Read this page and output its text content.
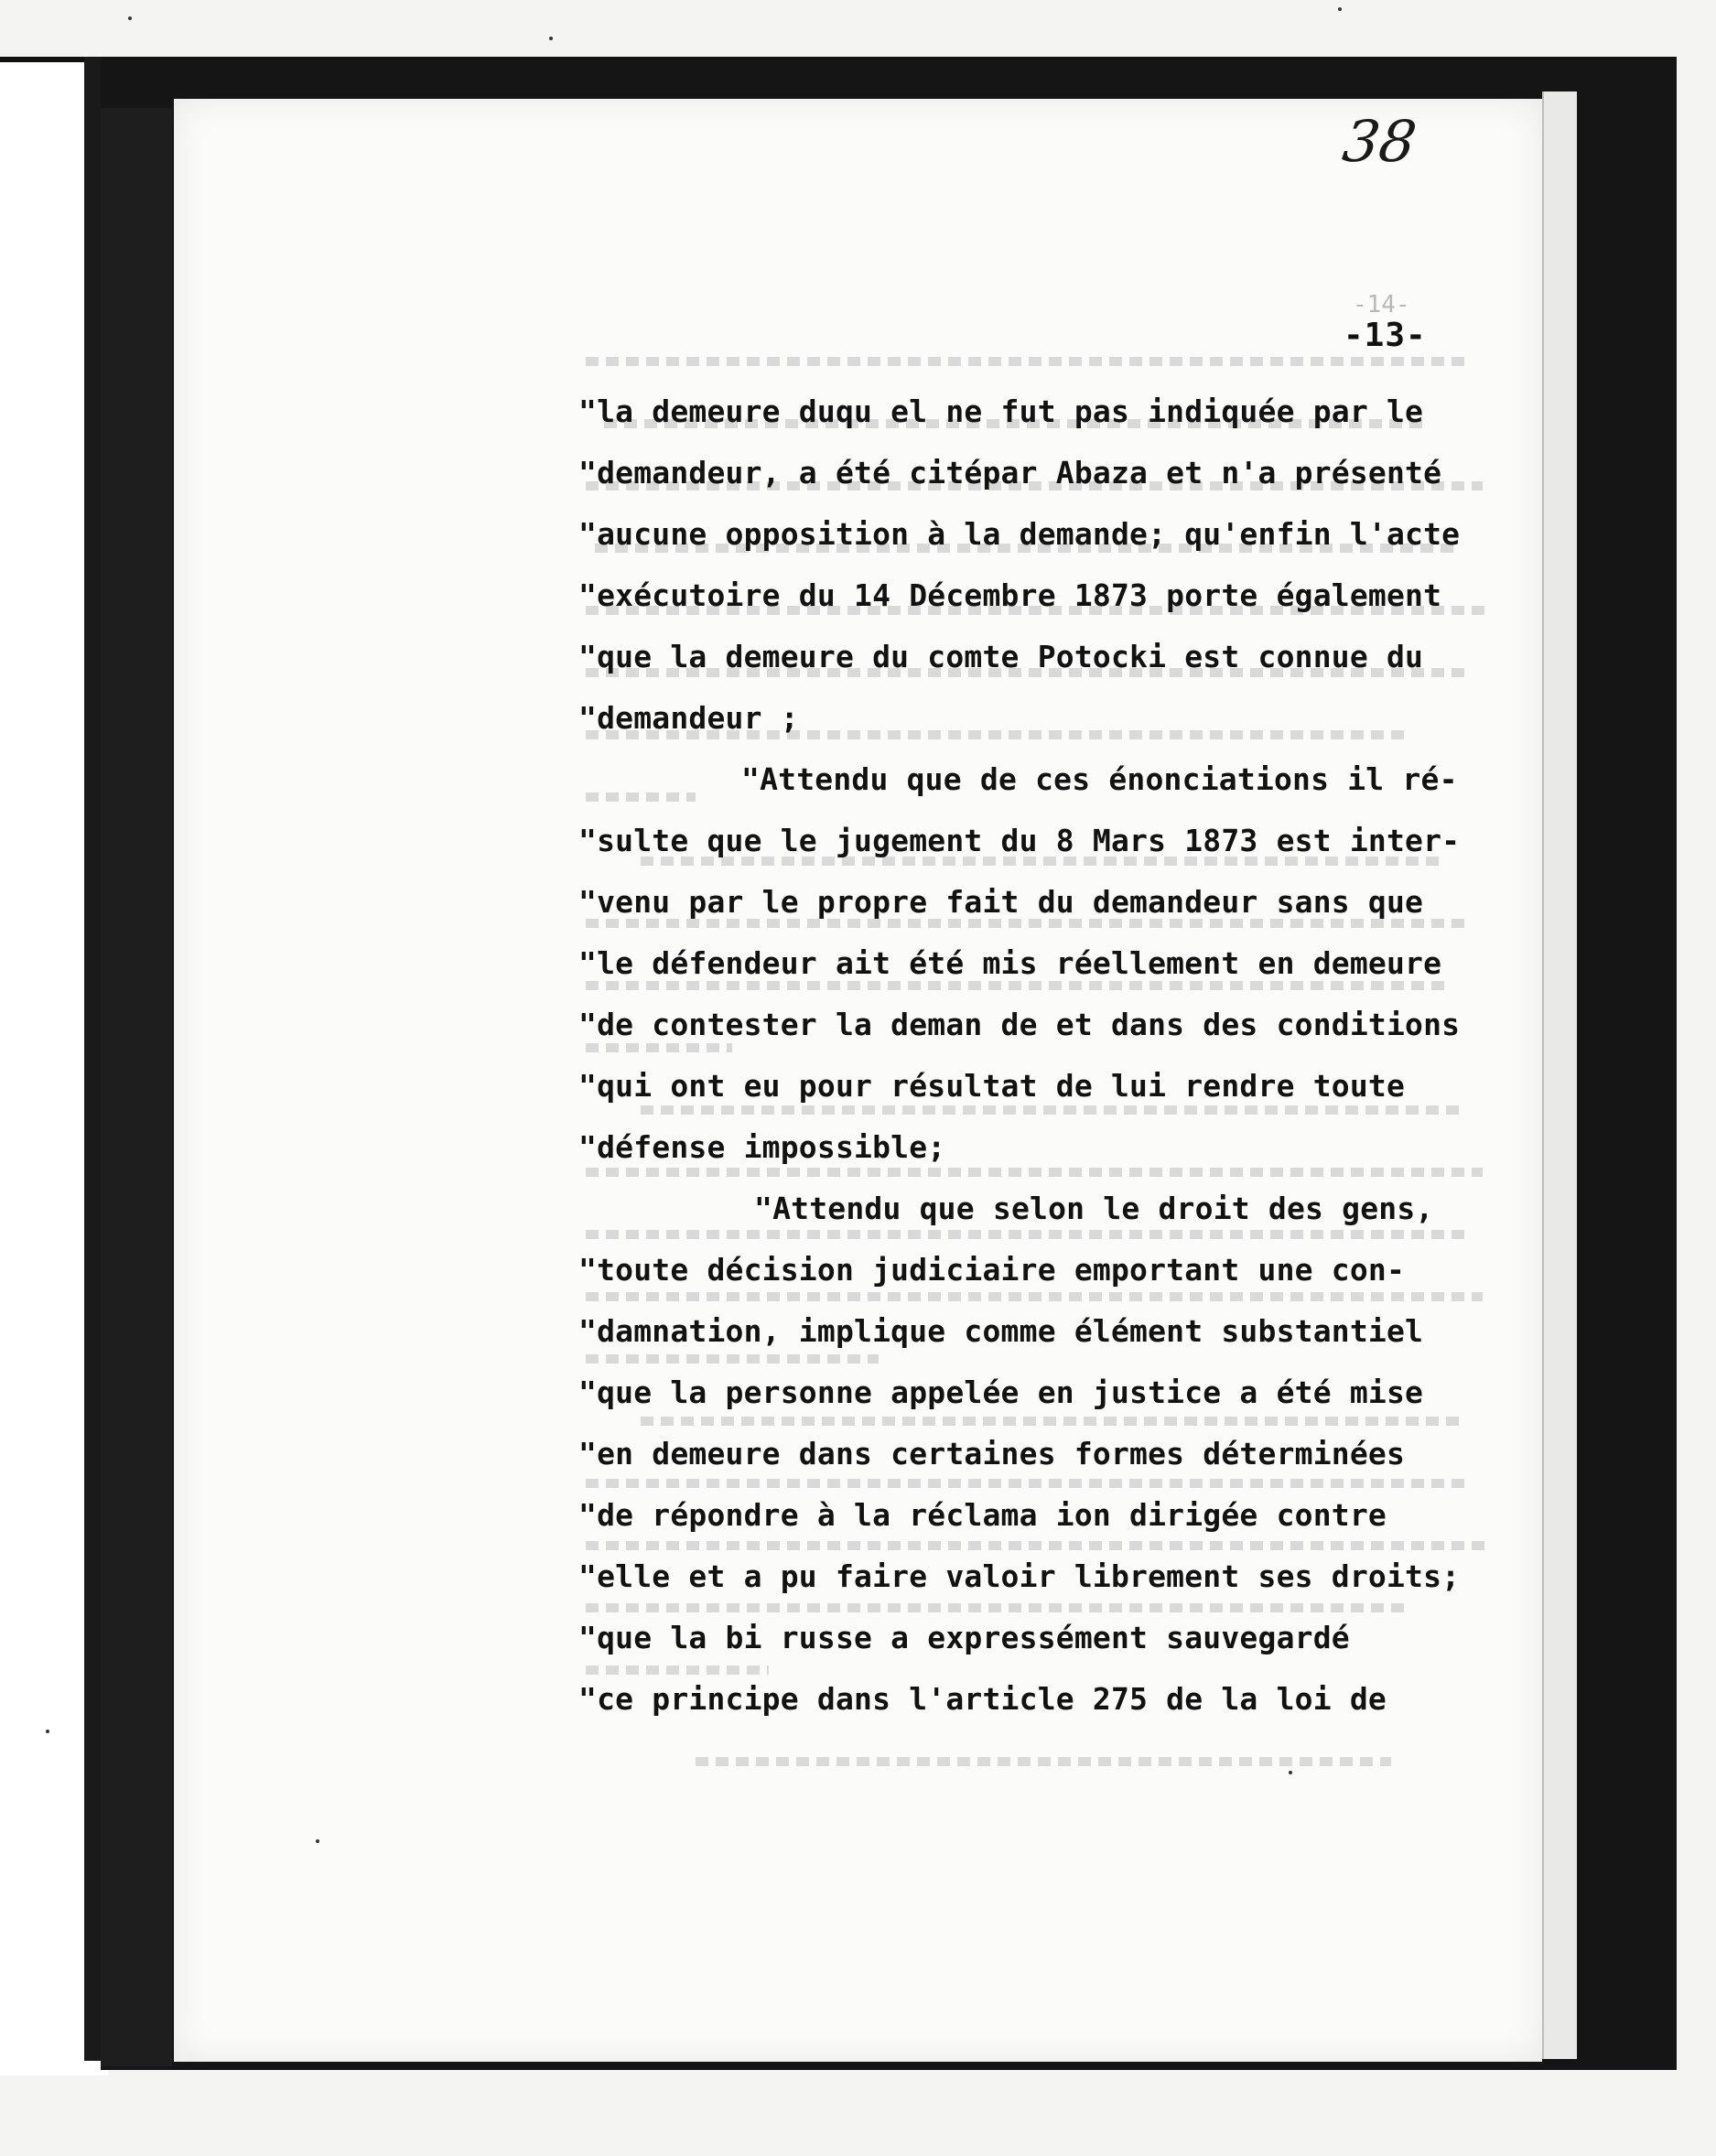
38
-14-
-13-
"la demeure duqu el ne fut pas indiquée par le
"demandeur, a été citépar Abaza et n'a présenté
"aucune opposition à la demande; qu'enfin l'acte
"exécutoire du 14 Décembre 1873 porte également
"que la demeure du comte Potocki est connue du
"demandeur ;
"Attendu que de ces énonciations il ré-
"sulte que le jugement du 8 Mars 1873 est inter-
"venu par le propre fait du demandeur sans que
"le défendeur ait été mis réellement en demeure
"de contester la deman de et dans des conditions
"qui ont eu pour résultat de lui rendre toute
"défense impossible;
"Attendu que selon le droit des gens,
"toute décision judiciaire emportant une con-
"damnation, implique comme élément substantiel
"que la personne appelée en justice a été mise
"en demeure dans certaines formes déterminées
"de répondre à la réclama ion dirigée contre
"elle et a pu faire valoir librement ses droits;
"que la bi russe a expressément sauvegardé
"ce principe dans l'article 275 de la loi de
